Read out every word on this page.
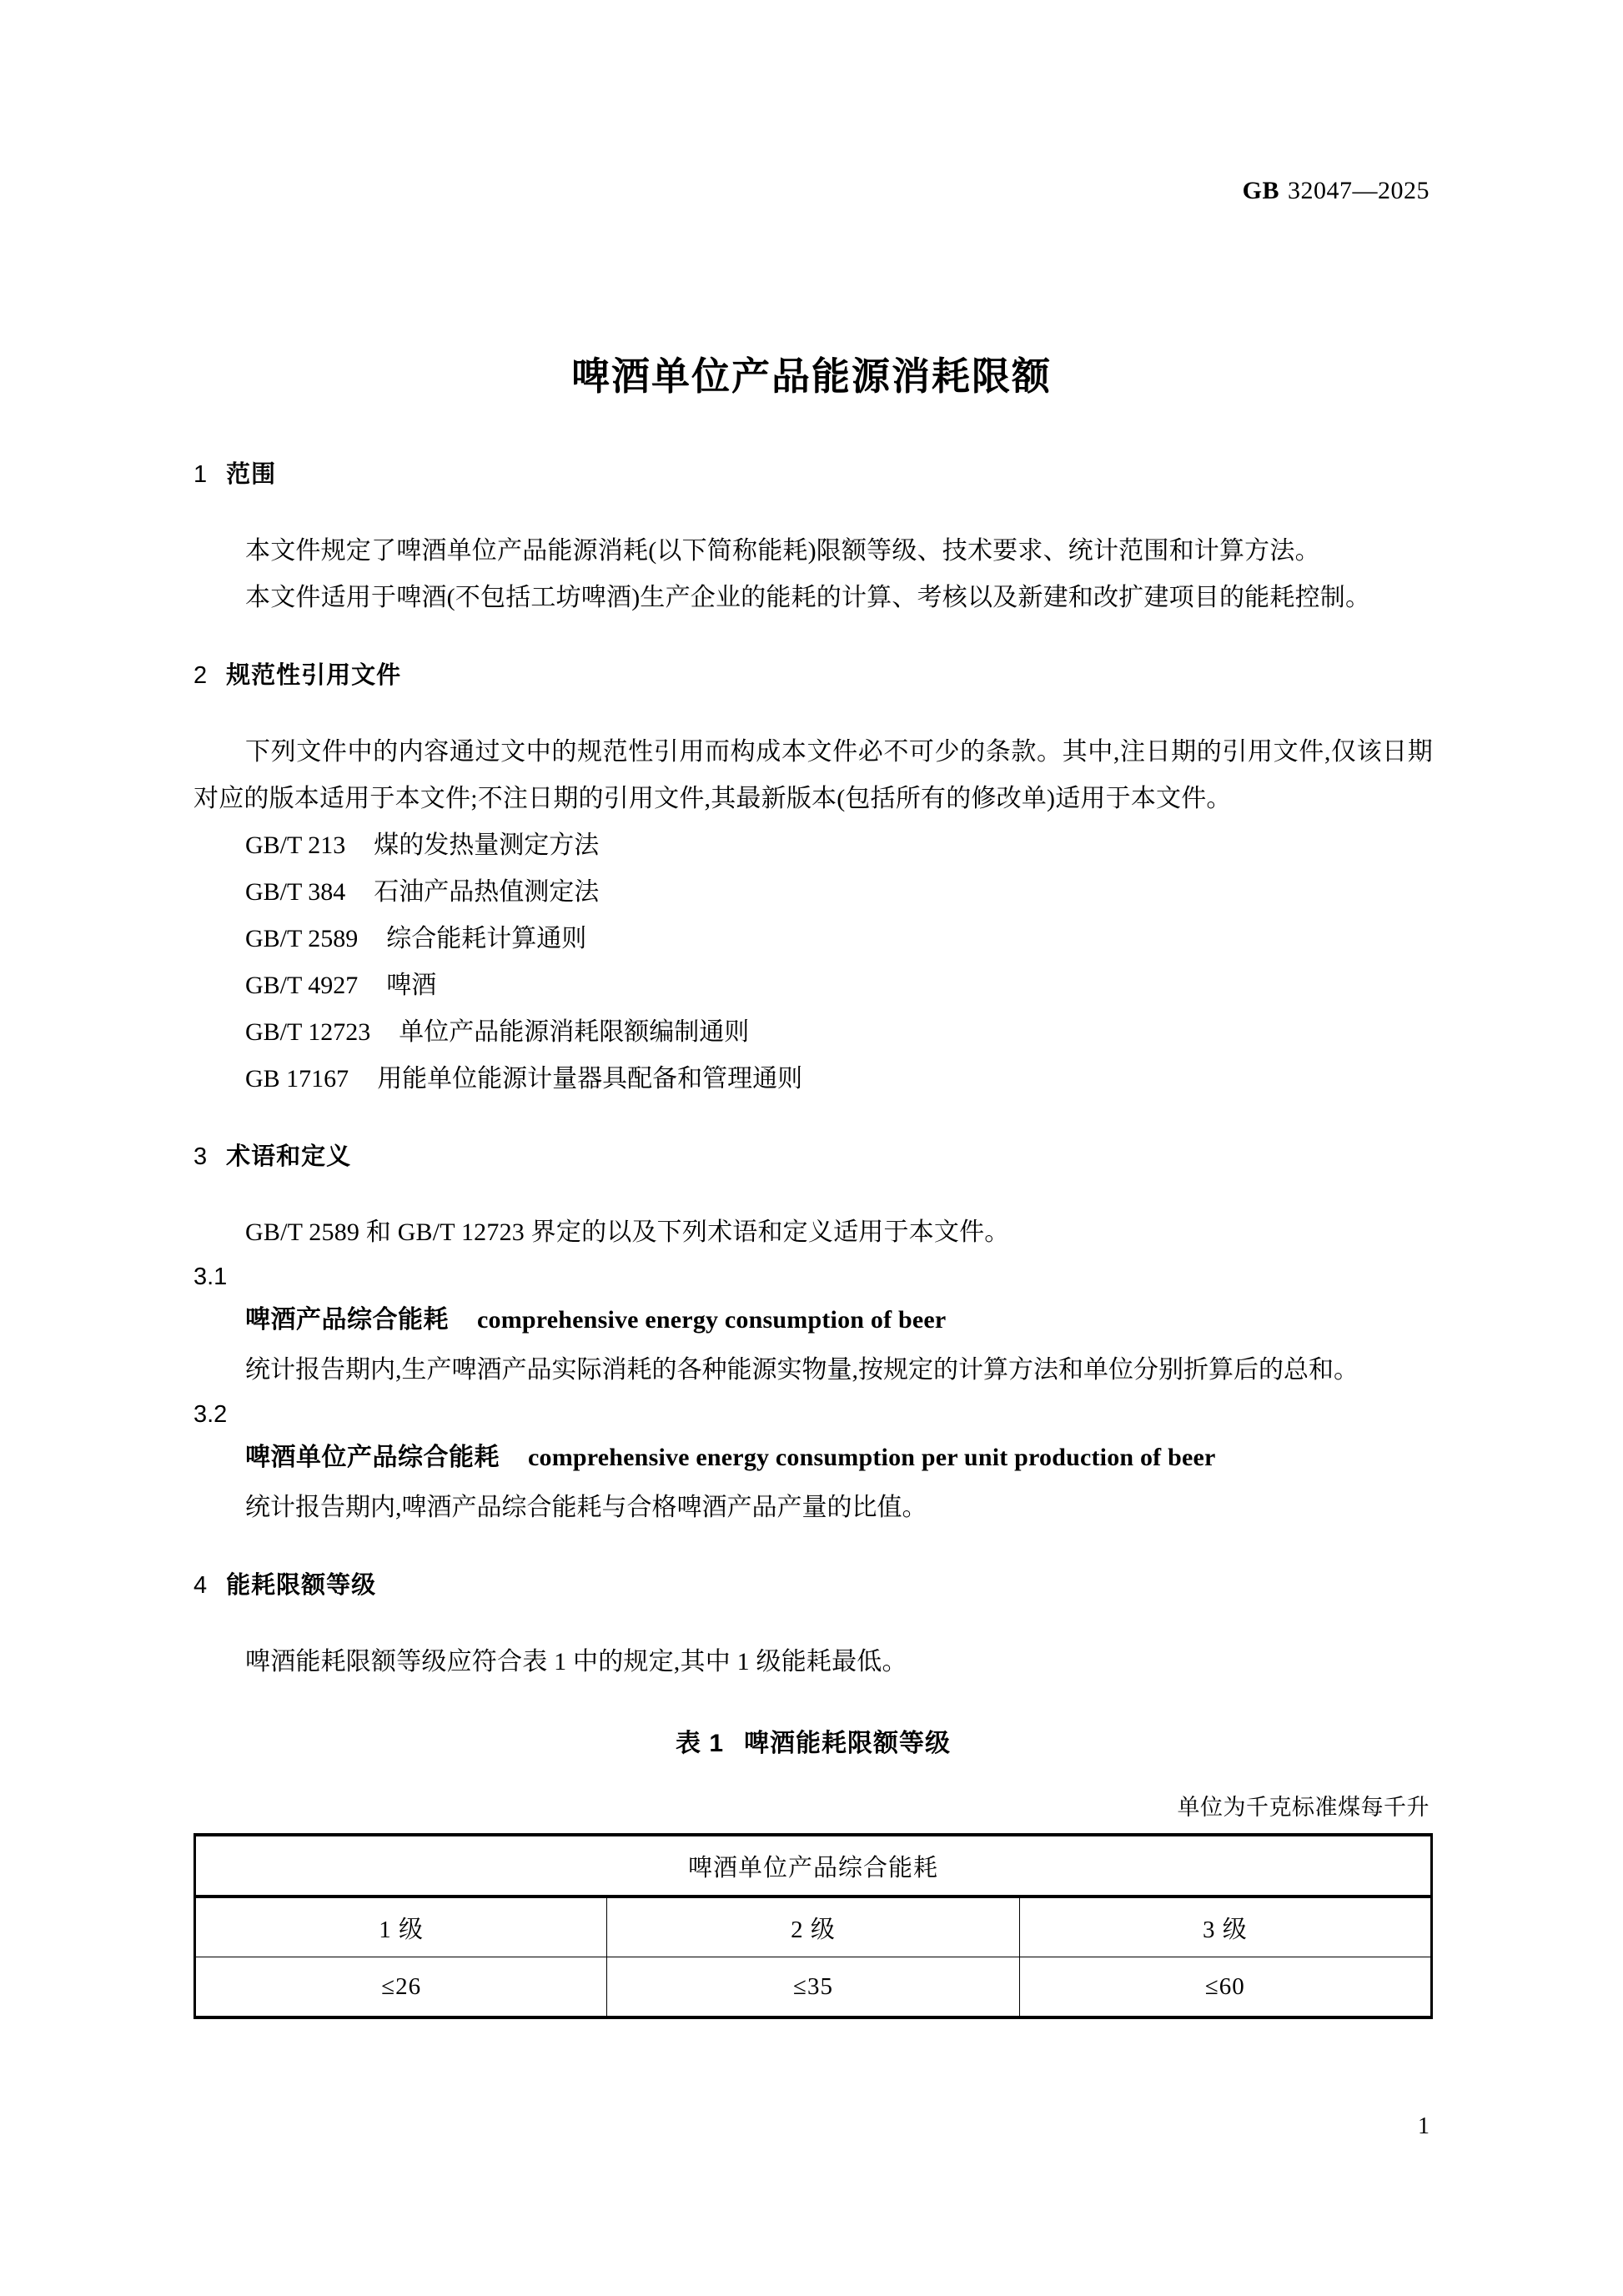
GB 32047—2025
啤酒单位产品能源消耗限额
1 范围

本文件规定了啤酒单位产品能源消耗(以下简称能耗)限额等级、技术要求、统计范围和计算方法。

本文件适用于啤酒(不包括工坊啤酒)生产企业的能耗的计算、考核以及新建和改扩建项目的能耗控制。

2 规范性引用文件

下列文件中的内容通过文中的规范性引用而构成本文件必不可少的条款。其中,注日期的引用文件,仅该日期对应的版本适用于本文件;不注日期的引用文件,其最新版本(包括所有的修改单)适用于本文件。

GB/T 213 煤的发热量测定方法
GB/T 384 石油产品热值测定法
GB/T 2589 综合能耗计算通则
GB/T 4927 啤酒
GB/T 12723 单位产品能源消耗限额编制通则
GB 17167 用能单位能源计量器具配备和管理通则
3 术语和定义

GB/T 2589 和 GB/T 12723 界定的以及下列术语和定义适用于本文件。

3.1

啤酒产品综合能耗 comprehensive energy consumption of beer

统计报告期内,生产啤酒产品实际消耗的各种能源实物量,按规定的计算方法和单位分别折算后的总和。

3.2

啤酒单位产品综合能耗 comprehensive energy consumption per unit production of beer

统计报告期内,啤酒产品综合能耗与合格啤酒产品产量的比值。

4 能耗限额等级

啤酒能耗限额等级应符合表 1 中的规定,其中 1 级能耗最低。

表 1 啤酒能耗限额等级

单位为千克标准煤每千升

啤酒单位产品综合能耗		
1 级	2 级	3 级
≤26	≤35	≤60
1
